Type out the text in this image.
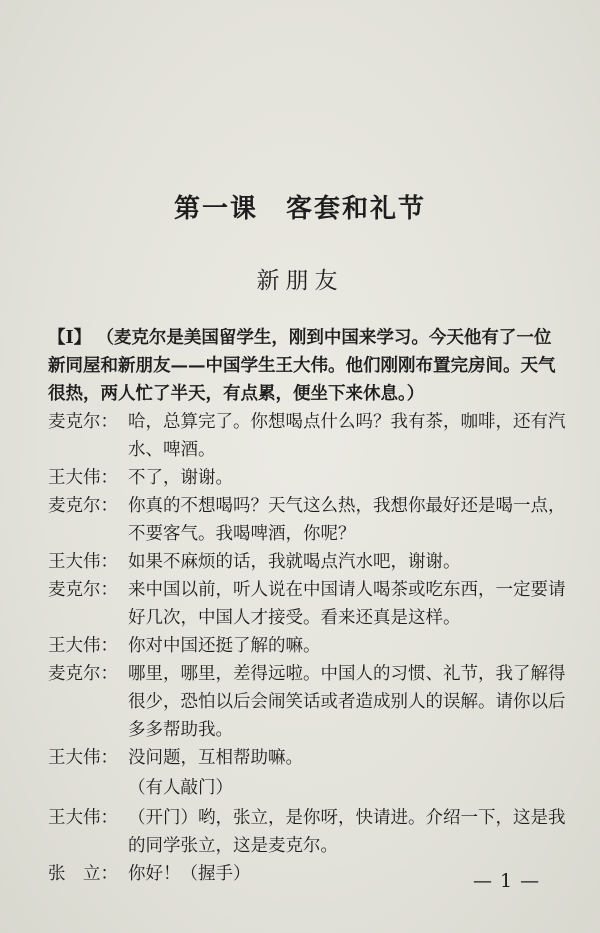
第一课　客套和礼节
新朋友
【Ⅰ】 （麦克尔是美国留学生，刚到中国来学习。今天他有了一位新同屋和新朋友——中国学生王大伟。他们刚刚布置完房间。天气很热，两人忙了半天，有点累，便坐下来休息。）
麦克尔： 哈，总算完了。你想喝点什么吗？我有茶，咖啡，还有汽水、啤酒。
王大伟： 不了，谢谢。
麦克尔： 你真的不想喝吗？天气这么热，我想你最好还是喝一点，不要客气。我喝啤酒，你呢？
王大伟： 如果不麻烦的话，我就喝点汽水吧，谢谢。
麦克尔： 来中国以前，听人说在中国请人喝茶或吃东西，一定要请好几次，中国人才接受。看来还真是这样。
王大伟： 你对中国还挺了解的嘛。
麦克尔： 哪里，哪里，差得远啦。中国人的习惯、礼节，我了解得很少，恐怕以后会闹笑话或者造成别人的误解。请你以后多多帮助我。
王大伟： 没问题，互相帮助嘛。
（有人敲门）
王大伟： （开门）哟，张立，是你呀，快请进。介绍一下，这是我的同学张立，这是麦克尔。
张　立： 你好！（握手）	— 1 —
